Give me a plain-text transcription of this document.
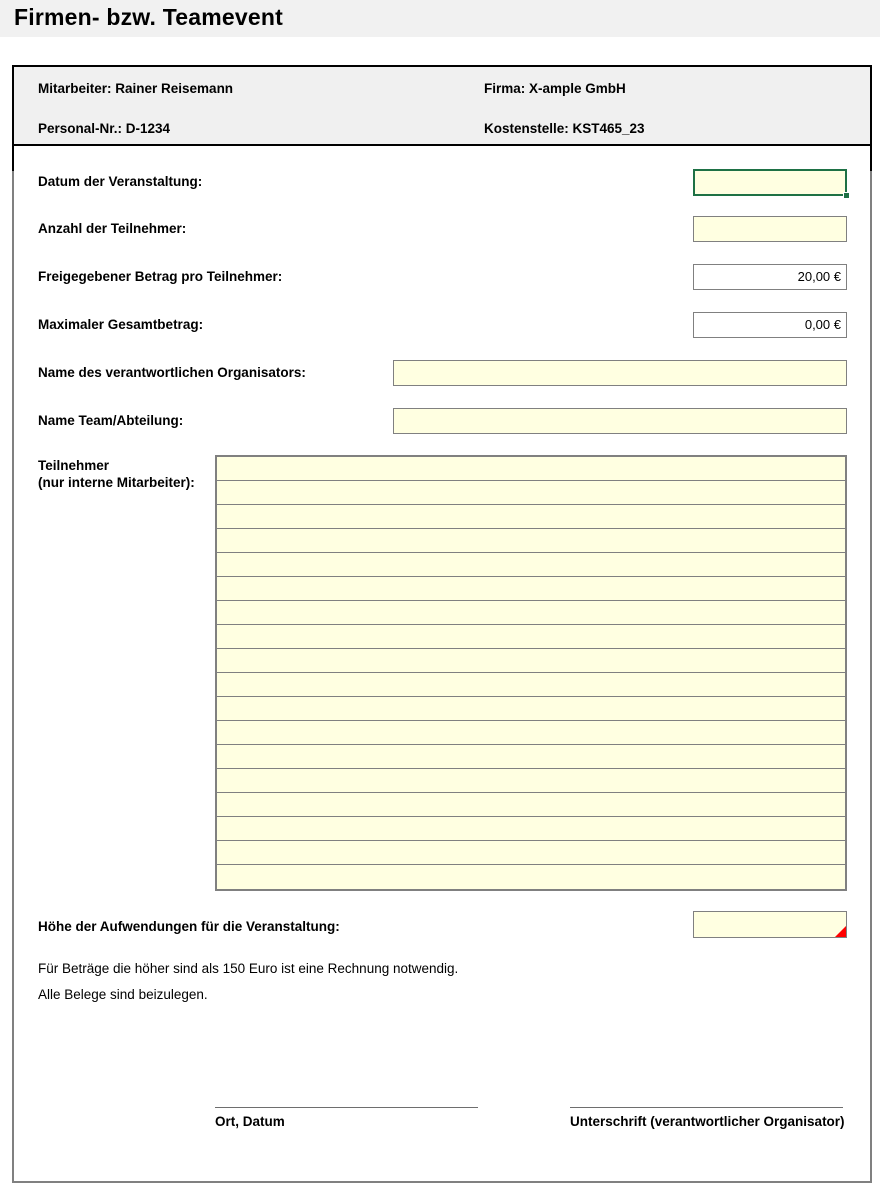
Firmen- bzw. Teamevent
Mitarbeiter: Rainer Reisemann	Firma: X-ample GmbH
Personal-Nr.: D-1234	Kostenstelle: KST465_23
Datum der Veranstaltung:
Anzahl der Teilnehmer:
Freigegebener Betrag pro Teilnehmer:	20,00 €
Maximaler Gesamtbetrag:	0,00 €
Name des verantwortlichen Organisators:
Name Team/Abteilung:
Teilnehmer
(nur interne Mitarbeiter):
Höhe der Aufwendungen für die Veranstaltung:
Für Beträge die höher sind als 150 Euro ist eine Rechnung notwendig.
Alle Belege sind beizulegen.
Ort, Datum	Unterschrift (verantwortlicher Organisator)
